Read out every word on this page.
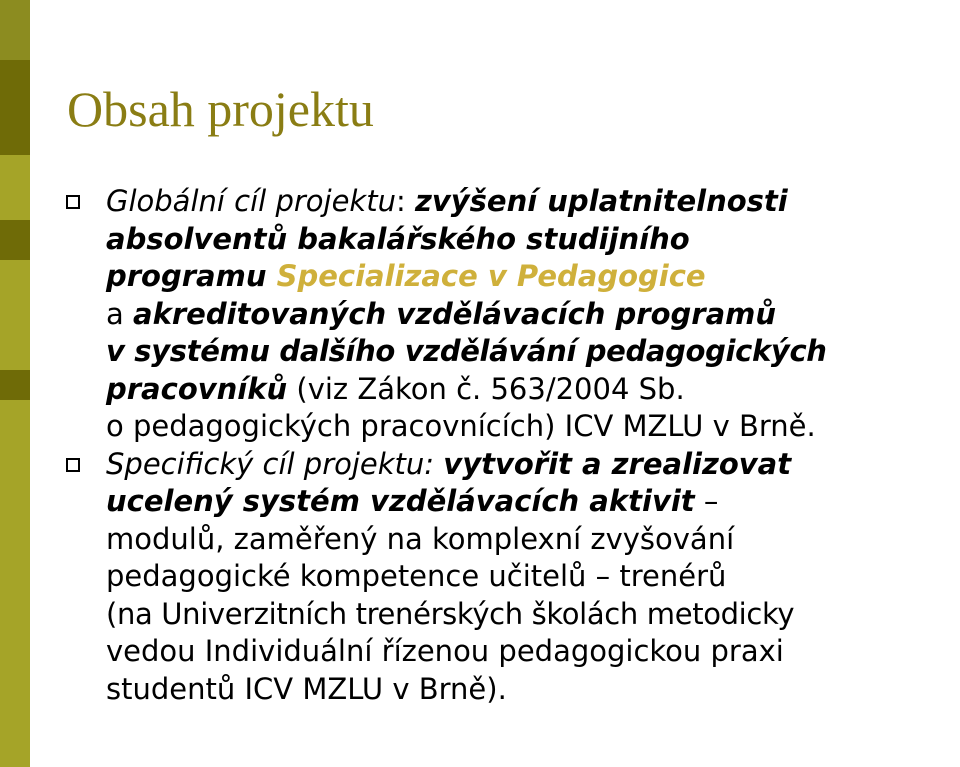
Obsah projektu
Globální cíl projektu: zvýšení uplatnitelnosti
absolventů bakalářského studijního
programu Specializace v Pedagogice
a akreditovaných vzdělávacích programů
v systému dalšího vzdělávání pedagogických
pracovníků (viz Zákon č. 563/2004 Sb.
o pedagogických pracovnících) ICV MZLU v Brně.
Specifický cíl projektu: vytvořit a zrealizovat
ucelený systém vzdělávacích aktivit –
modulů, zaměřený na komplexní zvyšování
pedagogické kompetence učitelů – trenérů
(na Univerzitních trenérských školách metodicky
vedou Individuální řízenou pedagogickou praxi
studentů ICV MZLU v Brně).
